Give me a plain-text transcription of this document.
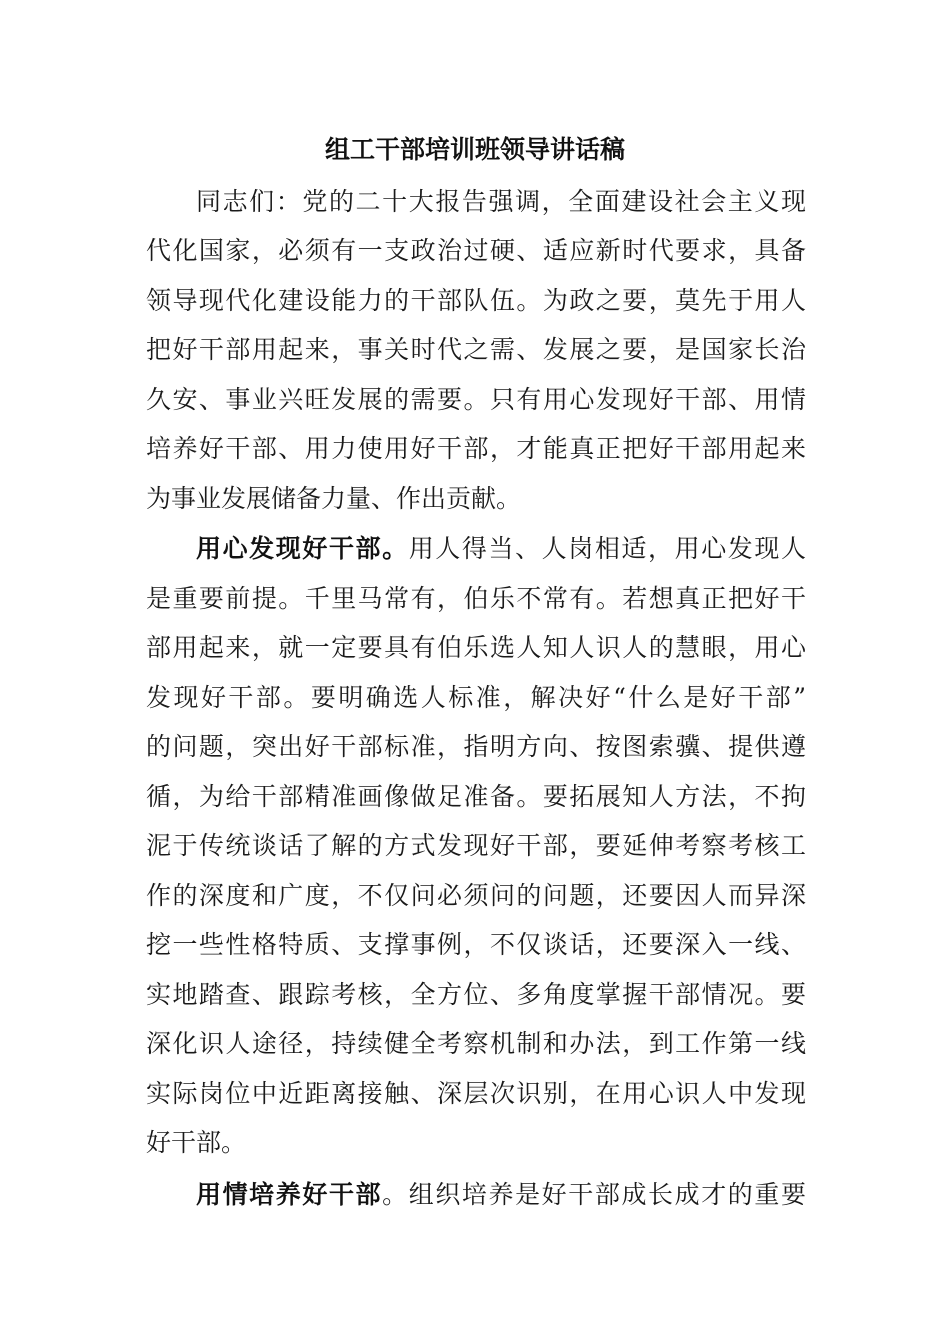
组工干部培训班领导讲话稿
同志们：党的二十大报告强调，全面建设社会主义现
代化国家，必须有一支政治过硬、适应新时代要求，具备
领导现代化建设能力的干部队伍。为政之要，莫先于用人
把好干部用起来，事关时代之需、发展之要，是国家长治
久安、事业兴旺发展的需要。只有用心发现好干部、用情
培养好干部、用力使用好干部，才能真正把好干部用起来
为事业发展储备力量、作出贡献。
用心发现好干部。用人得当、人岗相适，用心发现人
是重要前提。千里马常有，伯乐不常有。若想真正把好干
部用起来，就一定要具有伯乐选人知人识人的慧眼，用心
发现好干部。要明确选人标准，解决好“什么是好干部”
的问题，突出好干部标准，指明方向、按图索骥、提供遵
循，为给干部精准画像做足准备。要拓展知人方法，不拘
泥于传统谈话了解的方式发现好干部，要延伸考察考核工
作的深度和广度，不仅问必须问的问题，还要因人而异深
挖一些性格特质、支撑事例，不仅谈话，还要深入一线、
实地踏查、跟踪考核，全方位、多角度掌握干部情况。要
深化识人途径，持续健全考察机制和办法，到工作第一线
实际岗位中近距离接触、深层次识别，在用心识人中发现
好干部。
用情培养好干部。组织培养是好干部成长成才的重要
